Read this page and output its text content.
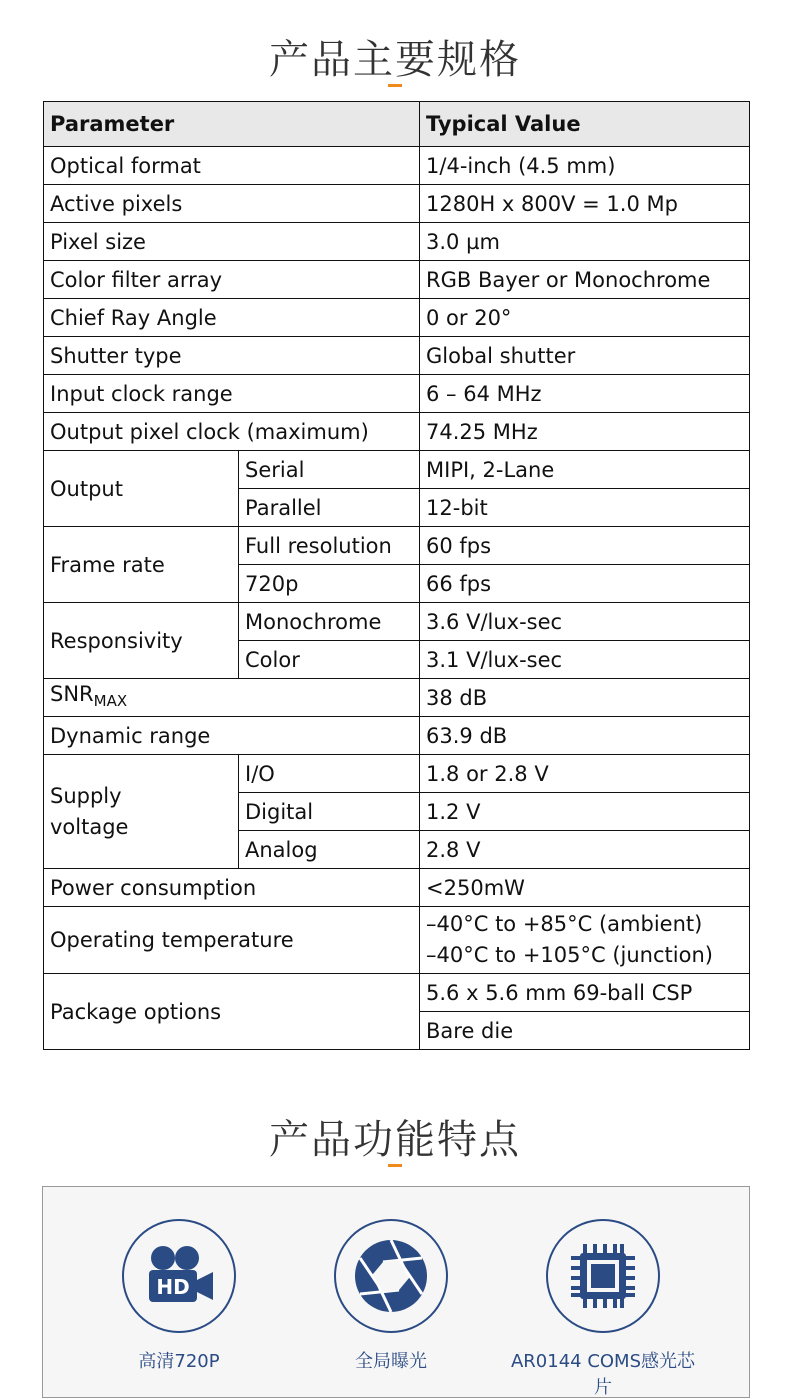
产品主要规格
Parameter		Typical Value
Optical format		1/4-inch (4.5 mm)
Active pixels		1280H x 800V = 1.0 Mp
Pixel size		3.0 µm
Color filter array		RGB Bayer or Monochrome
Chief Ray Angle		0 or 20°
Shutter type		Global shutter
Input clock range		6 – 64 MHz
Output pixel clock (maximum)		74.25 MHz
Output	Serial	MIPI, 2-Lane
	Parallel	12-bit
Frame rate	Full resolution	60 fps
	720p	66 fps
Responsivity	Monochrome	3.6 V/lux-sec
	Color	3.1 V/lux-sec
$SNR_{MAX}$		38 dB
Dynamic range		63.9 dB
Supply
voltage	I/O	1.8 or 2.8 V
	Digital	1.2 V
	Analog	2.8 V
Power consumption		<250mW
Operating temperature		–40°C to +85°C (ambient)
–40°C to +105°C (junction)
Package options		5.6 x 5.6 mm 69-ball CSP
		Bare die
产品功能特点
HD
高清720P	全局曝光	AR0144 COMS感光芯片
